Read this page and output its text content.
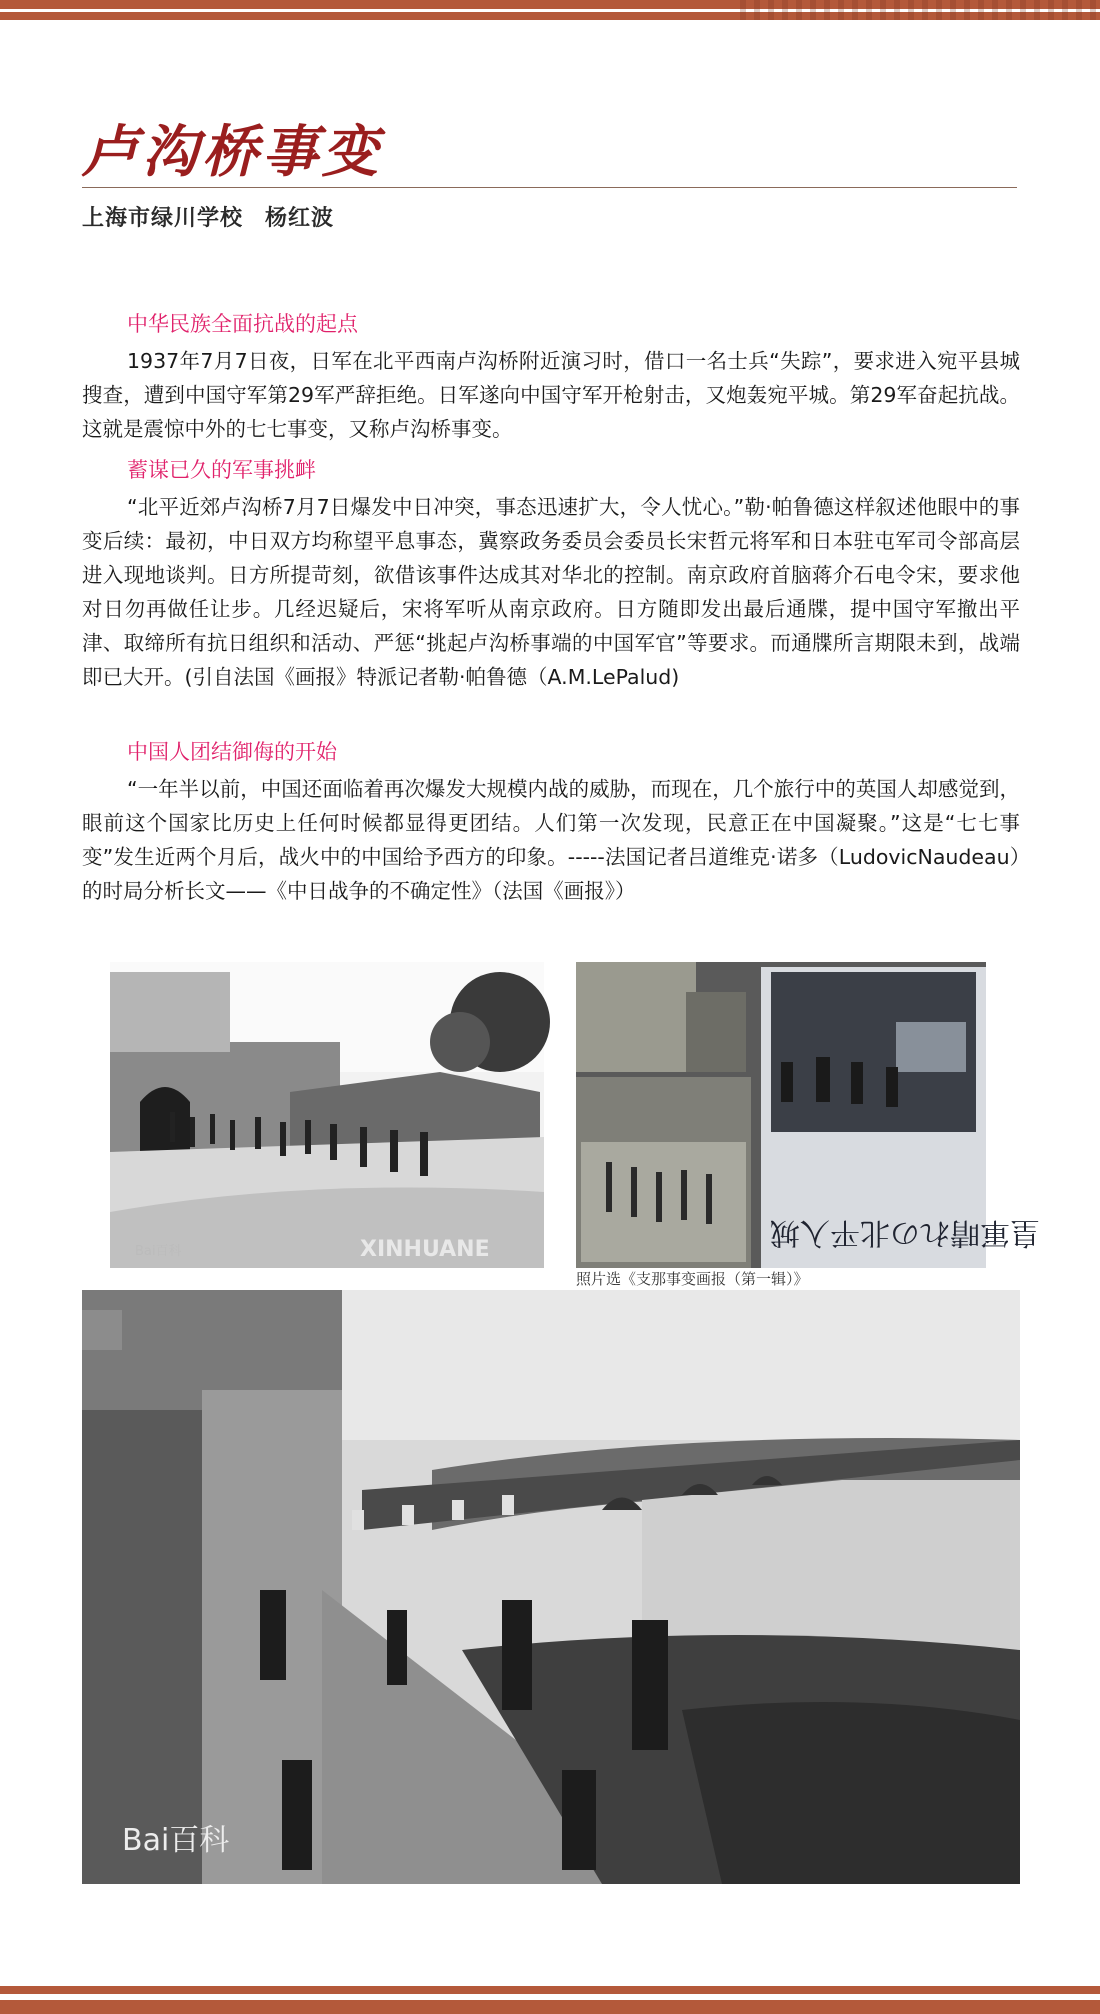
卢沟桥事变
上海市绿川学校 杨红波
中华民族全面抗战的起点

1937年7月7日夜，日军在北平西南卢沟桥附近演习时，借口一名士兵“失踪”，要求进入宛平县城搜查，遭到中国守军第29军严辞拒绝。日军遂向中国守军开枪射击，又炮轰宛平城。第29军奋起抗战。这就是震惊中外的七七事变，又称卢沟桥事变。

蓄谋已久的军事挑衅

“北平近郊卢沟桥7月7日爆发中日冲突，事态迅速扩大，令人忧心。”勒·帕鲁德这样叙述他眼中的事变后续：最初，中日双方均称望平息事态，冀察政务委员会委员长宋哲元将军和日本驻屯军司令部高层进入现地谈判。日方所提苛刻，欲借该事件达成其对华北的控制。南京政府首脑蒋介石电令宋，要求他对日勿再做任让步。几经迟疑后，宋将军听从南京政府。日方随即发出最后通牒，提中国守军撤出平津、取缔所有抗日组织和活动、严惩“挑起卢沟桥事端的中国军官”等要求。而通牒所言期限未到，战端即已大开。(引自法国《画报》特派记者勒·帕鲁德（A.M.LePalud)

中国人团结御侮的开始

“一年半以前，中国还面临着再次爆发大规模内战的威胁，而现在，几个旅行中的英国人却感觉到，眼前这个国家比历史上任何时候都显得更团结。人们第一次发现，民意正在中国凝聚。”这是“七七事变”发生近两个月后，战火中的中国给予西方的印象。-----法国记者吕道维克·诺多（LudovicNaudeau）的时局分析长文——《中日战争的不确定性》（法国《画报》）

Bai百科	XINHUANE	皇軍晴れの北平入城
照片选《支那事变画报（第一辑）》
Bai百科
